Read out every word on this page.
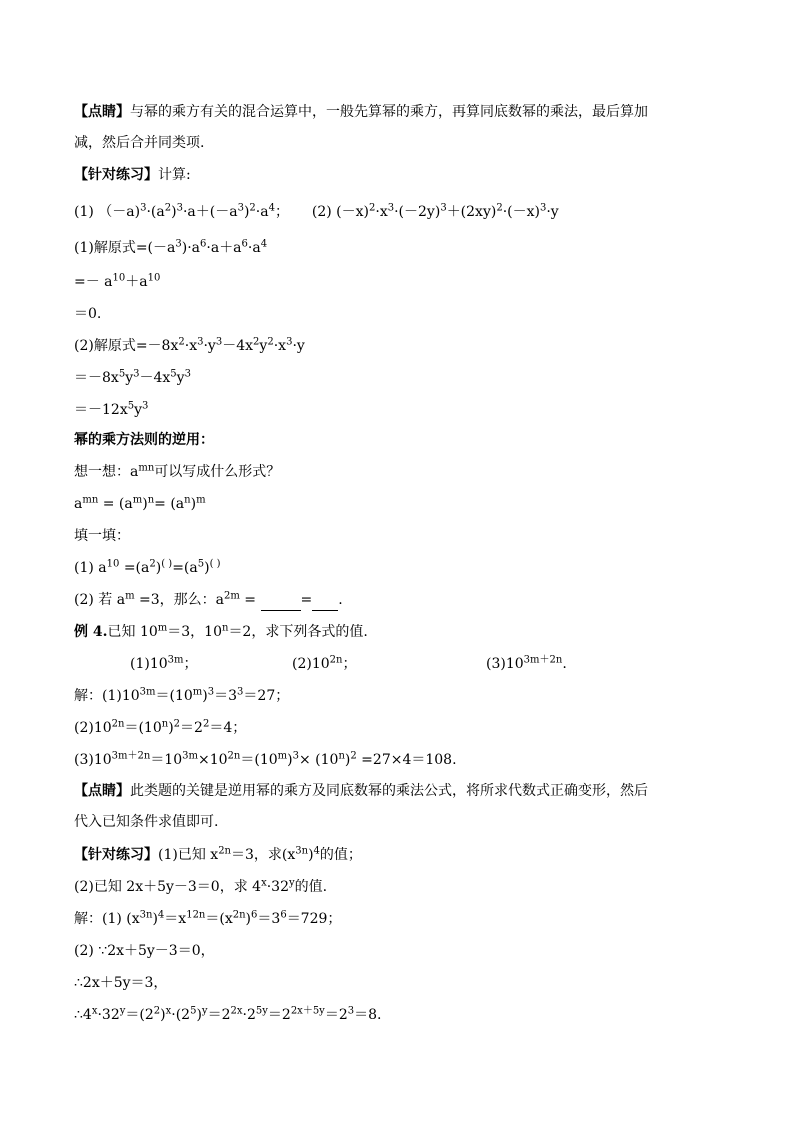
【点睛】与幂的乘方有关的混合运算中，一般先算幂的乘方，再算同底数幂的乘法，最后算加
减，然后合并同类项.
【针对练习】计算:
(1) $(-a)^3\cdot(a^2)^3\cdot a+(-a^3)^2\cdot a^4$； (2) $(-x)^2\cdot x^3\cdot(-2y)^3+(2xy)^2\cdot(-x)^3\cdot y$
(1)解原式$=(-a^3)\cdot a^6\cdot a+a^6\cdot a^4$
=－ $a^{10}+a^{10}$
＝0.
(2)解原式$=-8x^2\cdot x^3\cdot y^3-4x^2y^2\cdot x^3\cdot y$
$=-8x^5y^3-4x^5y^3$
$=-12x^5y^3$
幂的乘方法则的逆用：
想一想：$a^{mn}$可以写成什么形式？
$a^{mn} = (a^m)^n= (a^n)^m$
填一填：
(1) $a^{10} =(a^2)^{( )}=(a^5)^{( )}$
(2) 若 $a^m =3$，那么：$a^{2m}$ =	= .
例 4.已知 $10^m=3$，$10^n=2$，求下列各式的值.
$(1)10^{3m}$；	$(2)10^{2n}$；	$(3)10^{3m+2n}$.
解：$(1)10^{3m}=(10^m)^3=3^3=27$；
$(2)10^{2n}=(10^n)^2=2^2=4$；
$(3)10^{3m+2n}=10^{3m}\times 10^{2n}=(10^m)^3\times (10^n)^2 =27\times 4=108$.
【点睛】此类题的关键是逆用幂的乘方及同底数幂的乘法公式，将所求代数式正确变形，然后
代入已知条件求值即可.
【针对练习】(1)已知 $x^{2n}=3$，求$(x^{3n})^4$的值；
(2)已知 2x＋5y－3＝0，求 $4^x\cdot 32^y$的值.
解：(1) $(x^{3n})^4=x^{12n}=(x^{2n})^6=3^6=729$；
(2) ∵2x＋5y－3＝0，
∴2x＋5y＝3，
$\therefore 4^x\cdot 32^y=(2^2)^x\cdot(2^5)^y=2^{2x}\cdot 2^{5y}=2^{2x+5y}=2^3=8$.
